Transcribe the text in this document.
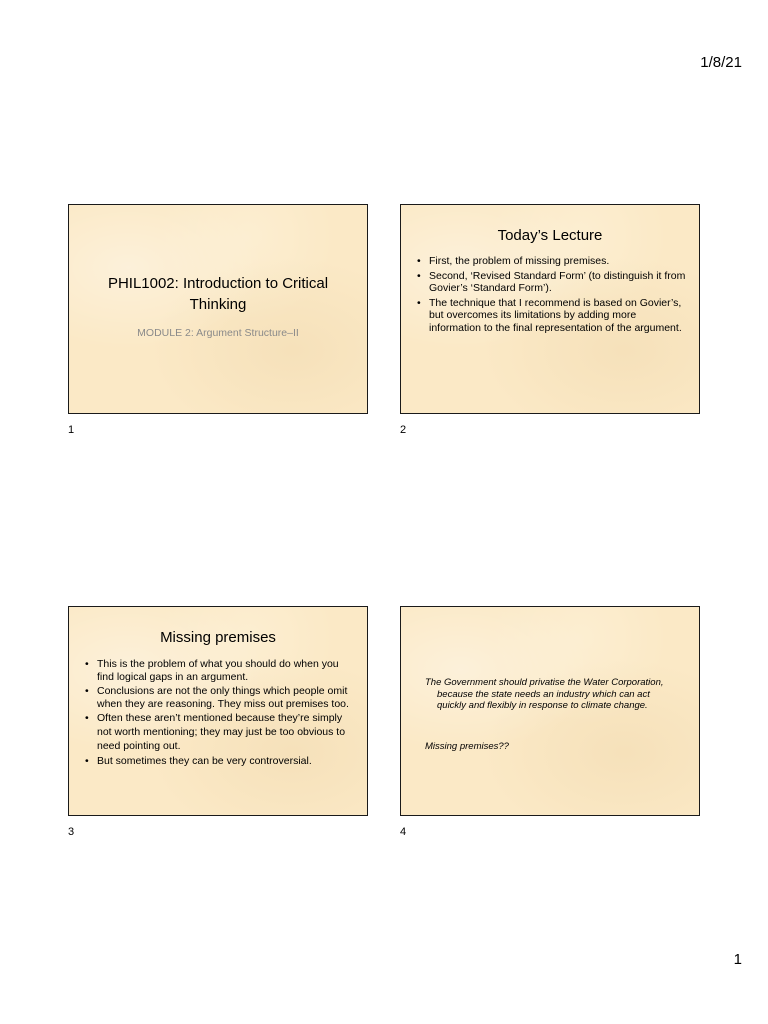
1/8/21
PHIL1002: Introduction to Critical Thinking
MODULE 2: Argument Structure–II
1
Today’s Lecture
• First, the problem of missing premises.
• Second, ‘Revised Standard Form’ (to distinguish it from Govier’s ‘Standard Form’).
• The technique that I recommend is based on Govier’s, but overcomes its limitations by adding more information to the final representation of the argument.
2
Missing premises
• This is the problem of what you should do when you find logical gaps in an argument.
• Conclusions are not the only things which people omit when they are reasoning. They miss out premises too.
• Often these aren’t mentioned because they’re simply not worth mentioning; they may just be too obvious to need pointing out.
• But sometimes they can be very controversial.
3
The Government should privatise the Water Corporation, because the state needs an industry which can act quickly and flexibly in response to climate change.
Missing premises??
4
1
